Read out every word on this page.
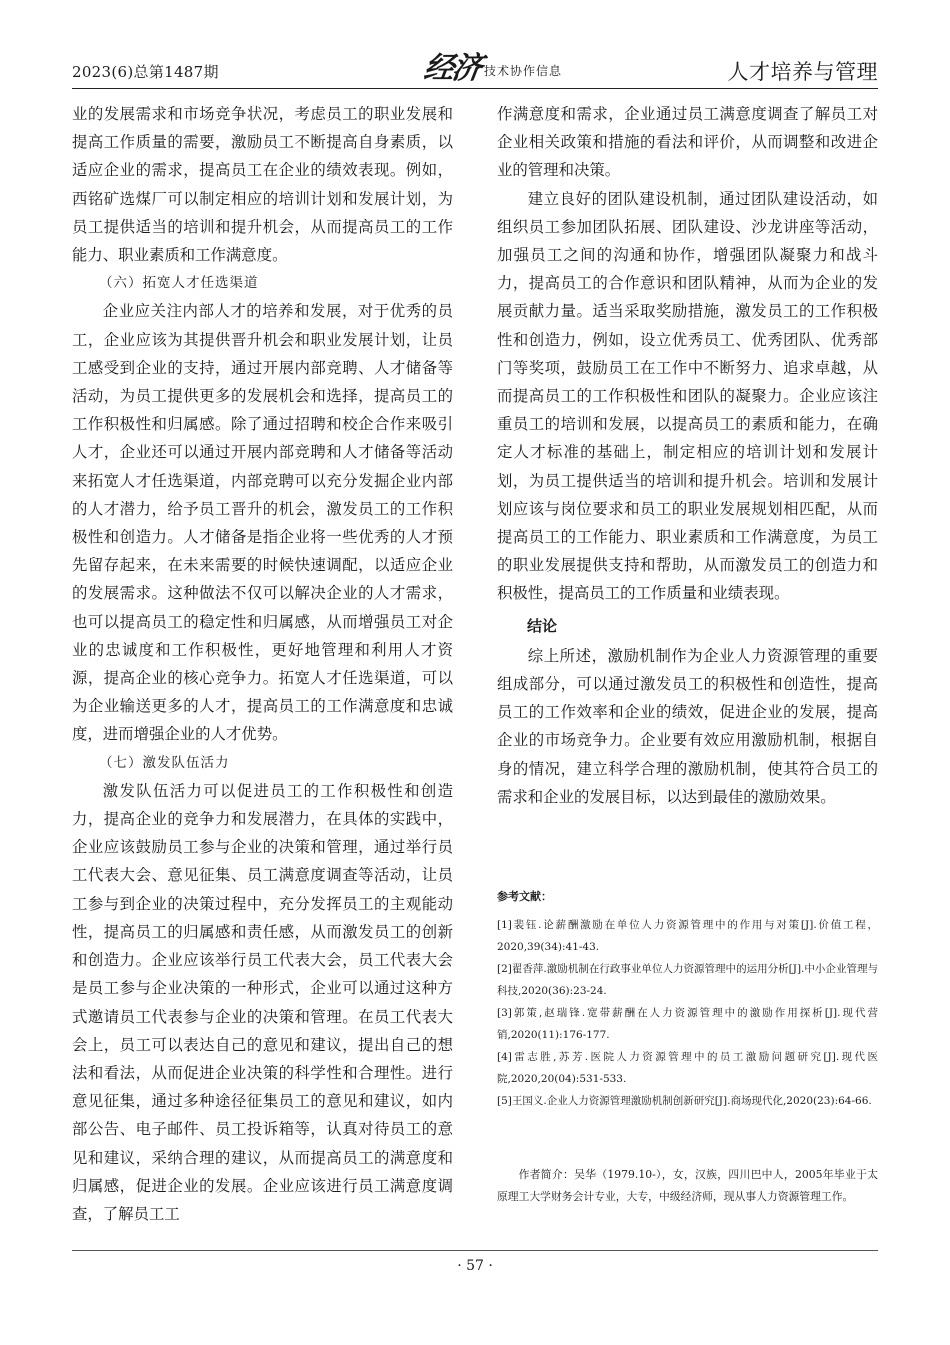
2023(6)总第1487期	经济 技术协作信息	人才培养与管理

业的发展需求和市场竞争状况，考虑员工的职业发展和提高工作质量的需要，激励员工不断提高自身素质，以适应企业的需求，提高员工在企业的绩效表现。例如，西铭矿选煤厂可以制定相应的培训计划和发展计划，为员工提供适当的培训和提升机会，从而提高员工的工作能力、职业素质和工作满意度。

（六）拓宽人才任选渠道

企业应关注内部人才的培养和发展，对于优秀的员工，企业应该为其提供晋升机会和职业发展计划，让员工感受到企业的支持，通过开展内部竞聘、人才储备等活动，为员工提供更多的发展机会和选择，提高员工的工作积极性和归属感。除了通过招聘和校企合作来吸引人才，企业还可以通过开展内部竞聘和人才储备等活动来拓宽人才任选渠道，内部竞聘可以充分发掘企业内部的人才潜力，给予员工晋升的机会，激发员工的工作积极性和创造力。人才储备是指企业将一些优秀的人才预先留存起来，在未来需要的时候快速调配，以适应企业的发展需求。这种做法不仅可以解决企业的人才需求，也可以提高员工的稳定性和归属感，从而增强员工对企业的忠诚度和工作积极性，更好地管理和利用人才资源，提高企业的核心竞争力。拓宽人才任选渠道，可以为企业输送更多的人才，提高员工的工作满意度和忠诚度，进而增强企业的人才优势。

（七）激发队伍活力

激发队伍活力可以促进员工的工作积极性和创造力，提高企业的竞争力和发展潜力，在具体的实践中，企业应该鼓励员工参与企业的决策和管理，通过举行员工代表大会、意见征集、员工满意度调查等活动，让员工参与到企业的决策过程中，充分发挥员工的主观能动性，提高员工的归属感和责任感，从而激发员工的创新和创造力。企业应该举行员工代表大会，员工代表大会是员工参与企业决策的一种形式，企业可以通过这种方式邀请员工代表参与企业的决策和管理。在员工代表大会上，员工可以表达自己的意见和建议，提出自己的想法和看法，从而促进企业决策的科学性和合理性。进行意见征集，通过多种途径征集员工的意见和建议，如内部公告、电子邮件、员工投诉箱等，认真对待员工的意见和建议，采纳合理的建议，从而提高员工的满意度和归属感，促进企业的发展。企业应该进行员工满意度调查，了解员工工

作满意度和需求，企业通过员工满意度调查了解员工对企业相关政策和措施的看法和评价，从而调整和改进企业的管理和决策。

建立良好的团队建设机制，通过团队建设活动，如组织员工参加团队拓展、团队建设、沙龙讲座等活动，加强员工之间的沟通和协作，增强团队凝聚力和战斗力，提高员工的合作意识和团队精神，从而为企业的发展贡献力量。适当采取奖励措施，激发员工的工作积极性和创造力，例如，设立优秀员工、优秀团队、优秀部门等奖项，鼓励员工在工作中不断努力、追求卓越，从而提高员工的工作积极性和团队的凝聚力。企业应该注重员工的培训和发展，以提高员工的素质和能力，在确定人才标准的基础上，制定相应的培训计划和发展计划，为员工提供适当的培训和提升机会。培训和发展计划应该与岗位要求和员工的职业发展规划相匹配，从而提高员工的工作能力、职业素质和工作满意度，为员工的职业发展提供支持和帮助，从而激发员工的创造力和积极性，提高员工的工作质量和业绩表现。

结论

综上所述，激励机制作为企业人力资源管理的重要组成部分，可以通过激发员工的积极性和创造性，提高员工的工作效率和企业的绩效，促进企业的发展，提高企业的市场竞争力。企业要有效应用激励机制，根据自身的情况，建立科学合理的激励机制，使其符合员工的需求和企业的发展目标，以达到最佳的激励效果。

参考文献：
[1]裴钰.论薪酬激励在单位人力资源管理中的作用与对策[J].价值工程，2020,39(34):41-43.
[2]翟香萍.激励机制在行政事业单位人力资源管理中的运用分析[J].中小企业管理与科技,2020(36):23-24.
[3]郭策,赵瑞锋.宽带薪酬在人力资源管理中的激励作用探析[J].现代营销,2020(11):176-177.
[4]雷志胜,苏芳.医院人力资源管理中的员工激励问题研究[J].现代医院,2020,20(04):531-533.
[5]王国义.企业人力资源管理激励机制创新研究[J].商场现代化,2020(23):64-66.
作者简介：吴华（1979.10-），女，汉族，四川巴中人，2005年毕业于太原理工大学财务会计专业，大专，中级经济师，现从事人力资源管理工作。
· 57 ·
